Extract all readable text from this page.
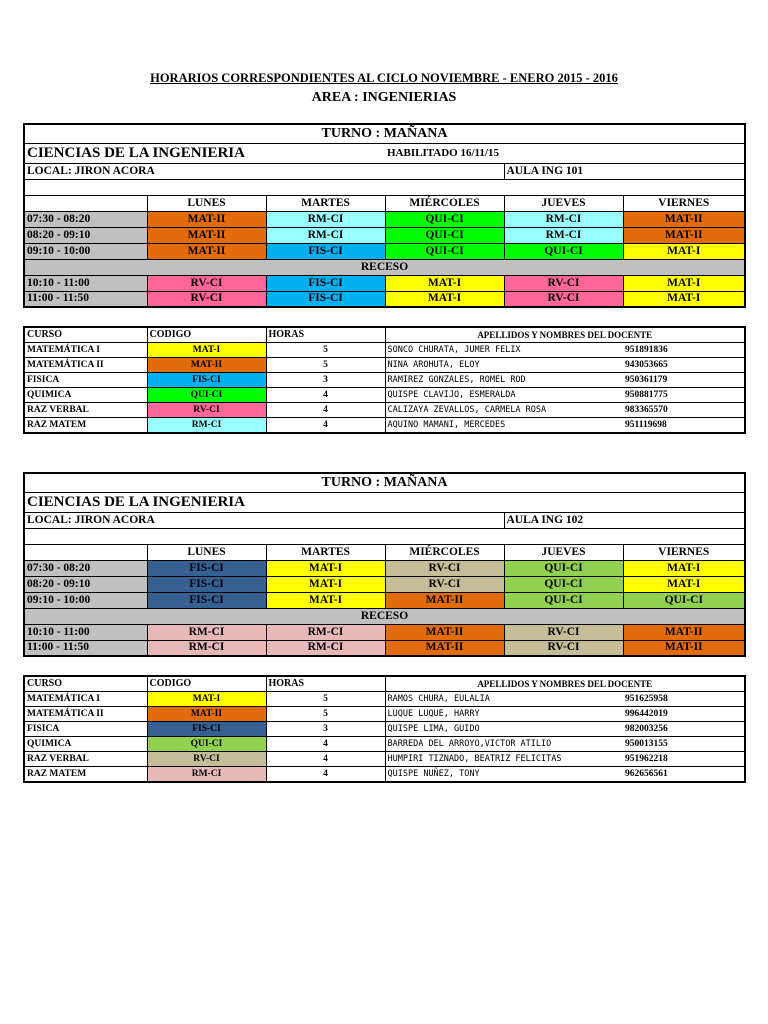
HORARIOS CORRESPONDIENTES AL CICLO NOVIEMBRE - ENERO 2015 - 2016
AREA : INGENIERIAS
TURNO : MAÑANA					
CIENCIAS DE LA INGENIERIA			HABILITADO 16/11/15		
LOCAL: JIRON ACORA				AULA ING 101	

	LUNES	MARTES	MIÉRCOLES	JUEVES	VIERNES
07:30 - 08:20	MAT-II	RM-CI	QUI-CI	RM-CI	MAT-II
08:20 - 09:10	MAT-II	RM-CI	QUI-CI	RM-CI	MAT-II
09:10 - 10:00	MAT-II	FIS-CI	QUI-CI	QUI-CI	MAT-I
RECESO					
10:10 - 11:00	RV-CI	FIS-CI	MAT-I	RV-CI	MAT-I
11:00 - 11:50	RV-CI	FIS-CI	MAT-I	RV-CI	MAT-I
CURSO	CODIGO	HORAS	APELLIDOS Y NOMBRES DEL DOCENTE	
MATEMÁTICA I	MAT-I	5	SONCO CHURATA, JUMER FELIX	951891836
MATEMÁTICA II	MAT-II	5	NINA AROHUTA, ELOY	943053665
FISICA	FIS-CI	3	RAMIREZ GONZALES, ROMEL ROD	950361179
QUIMICA	QUI-CI	4	QUISPE CLAVIJO, ESMERALDA	950881775
RAZ VERBAL	RV-CI	4	CALIZAYA ZEVALLOS, CARMELA ROSA	983365570
RAZ MATEM	RM-CI	4	AQUINO MAMANI, MERCEDES	951119698
TURNO : MAÑANA					
CIENCIAS DE LA INGENIERIA					
LOCAL: JIRON ACORA				AULA ING 102	

	LUNES	MARTES	MIÉRCOLES	JUEVES	VIERNES
07:30 - 08:20	FIS-CI	MAT-I	RV-CI	QUI-CI	MAT-I
08:20 - 09:10	FIS-CI	MAT-I	RV-CI	QUI-CI	MAT-I
09:10 - 10:00	FIS-CI	MAT-I	MAT-II	QUI-CI	QUI-CI
RECESO					
10:10 - 11:00	RM-CI	RM-CI	MAT-II	RV-CI	MAT-II
11:00 - 11:50	RM-CI	RM-CI	MAT-II	RV-CI	MAT-II
CURSO	CODIGO	HORAS	APELLIDOS Y NOMBRES DEL DOCENTE	
MATEMÁTICA I	MAT-I	5	RAMOS CHURA, EULALIA	951625958
MATEMÁTICA II	MAT-II	5	LUQUE LUQUE, HARRY	996442019
FISICA	FIS-CI	3	QUISPE LIMA, GUIDO	982003256
QUIMICA	QUI-CI	4	BARREDA DEL ARROYO,VICTOR ATILIO	950013155
RAZ VERBAL	RV-CI	4	HUMPIRI TIZNADO, BEATRIZ FELICITAS	951962218
RAZ MATEM	RM-CI	4	QUISPE NUÑEZ, TONY	962656561
